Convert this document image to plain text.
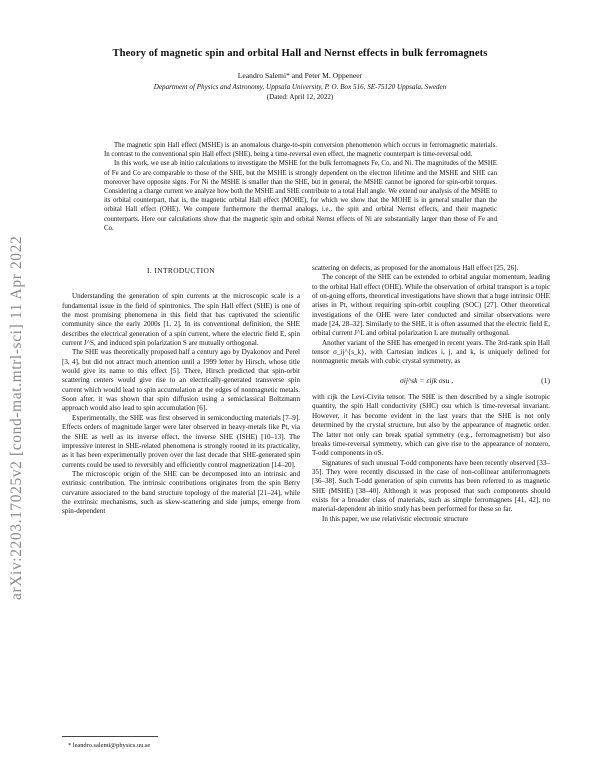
arXiv:2203.17025v2 [cond-mat.mtrl-sci] 11 Apr 2022
Theory of magnetic spin and orbital Hall and Nernst effects in bulk ferromagnets
Leandro Salemi* and Peter M. Oppeneer
Department of Physics and Astronomy, Uppsala University, P. O. Box 516, SE-75120 Uppsala, Sweden
(Dated: April 12, 2022)

The magnetic spin Hall effect (MSHE) is an anomalous charge-to-spin conversion phenomenon which occurs in ferromagnetic materials. In contrast to the conventional spin Hall effect (SHE), being a time-reversal even effect, the magnetic counterpart is time-reversal odd.

In this work, we use ab initio calculations to investigate the MSHE for the bulk ferromagnets Fe, Co, and Ni. The magnitudes of the MSHE of Fe and Co are comparable to those of the SHE, but the MSHE is strongly dependent on the electron lifetime and the MSHE and SHE can moreover have opposite signs. For Ni the MSHE is smaller than the SHE, but in general, the MSHE cannot be ignored for spin-orbit torques. Considering a charge current we analyze how both the MSHE and SHE contribute to a total Hall angle. We extend our analysis of the MSHE to its orbital counterpart, that is, the magnetic orbital Hall effect (MOHE), for which we show that the MOHE is in general smaller than the orbital Hall effect (OHE). We compute furthermore the thermal analogs, i.e., the spin and orbital Nernst effects, and their magnetic counterparts. Here our calculations show that the magnetic spin and orbital Nernst effects of Ni are substantially larger than those of Fe and Co.

I. INTRODUCTION

Understanding the generation of spin currents at the microscopic scale is a fundamental issue in the field of spintronics. The spin Hall effect (SHE) is one of the most promising phenomena in this field that has captivated the scientific community since the early 2000s [1, 2]. In its conventional definition, the SHE describes the electrical generation of a spin current, where the electric field E, spin current J^S, and induced spin polarization S are mutually orthogonal.

The SHE was theoretically proposed half a century ago by Dyakonov and Perel [3, 4], but did not attract much attention until a 1999 letter by Hirsch, whose title would give its name to this effect [5]. There, Hirsch predicted that spin-orbit scattering centers would give rise to an electrically-generated transverse spin current which would lead to spin accumulation at the edges of nonmagnetic metals. Soon after, it was shown that spin diffusion using a semiclassical Boltzmann approach would also lead to spin accumulation [6].

Experimentally, the SHE was first observed in semiconducting materials [7–9]. Effects orders of magnitude larger were later observed in heavy-metals like Pt, via the SHE as well as its inverse effect, the inverse SHE (ISHE) [10–13]. The impressive interest in SHE-related phenomena is strongly rooted in its practicality, as it has been experimentally proven over the last decade that SHE-generated spin currents could be used to reversibly and efficiently control magnetization [14–20].

The microscopic origin of the SHE can be decomposed into an intrinsic and extrinsic contribution. The intrinsic contributions originates from the spin Berry curvature associated to the band structure topology of the material [21–24], while the extrinsic mechanisms, such as skew-scattering and side jumps, emerge from spin-dependent

scattering on defects, as proposed for the anomalous Hall effect [25, 26].

The concept of the SHE can be extended to orbital angular momentum, leading to the orbital Hall effect (OHE). While the observation of orbital transport is a topic of on-going efforts, theoretical investigations have shown that a huge intrinsic OHE arises in Pt, without requiring spin-orbit coupling (SOC) [27]. Other theoretical investigations of the OHE were later conducted and similar observations were made [24, 28–32]. Similarly to the SHE, it is often assumed that the electric field E, orbital current J^L and orbital polarization L are mutually orthogonal.

Another variant of the SHE has emerged in recent years. The 3rd-rank spin Hall tensor σ_ij^{s_k}, with Cartesian indices i, j, and k, is uniquely defined for nonmagnetic metals with cubic crystal symmetry, as

σij^sk = εijk σsu ,	(1)

with εijk the Levi-Civita tensor. The SHE is then described by a single isotropic quantity, the spin Hall conductivity (SHC) σsu which is time-reversal invariant. However, it has become evident in the last years that the SHE is not only determined by the crystal structure, but also by the appearance of magnetic order. The latter not only can break spatial symmetry (e.g., ferromagnetism) but also breaks time-reversal symmetry, which can give rise to the appearance of nonzero, T-odd components in σS.

Signatures of such unusual T-odd components have been recently observed [33–35]. They were recently discussed in the case of non-collinear antiferromagnets [36–38]. Such T-odd generation of spin currents has been referred to as magnetic SHE (MSHE) [38–40]. Although it was proposed that such components should exists for a broader class of materials, such as simple ferromagnets [41, 42], no material-dependent ab initio study has been performed for these so far.

In this paper, we use relativistic electronic structure

* leandro.salemi@physics.uu.se
